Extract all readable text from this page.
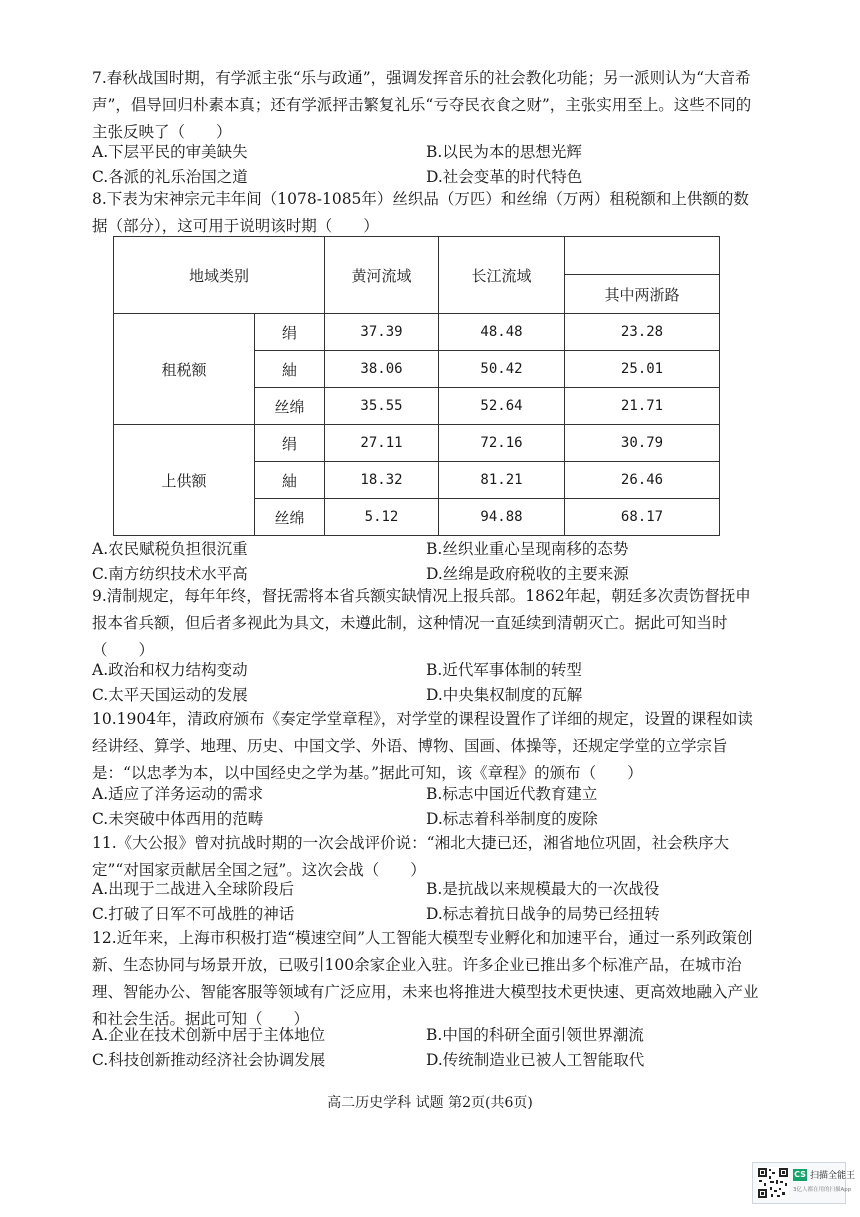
7.春秋战国时期，有学派主张“乐与政通”，强调发挥音乐的社会教化功能；另一派则认为“大音希声”，倡导回归朴素本真；还有学派抨击繁复礼乐“亏夺民衣食之财”，主张实用至上。这些不同的主张反映了（　　）
A.下层平民的审美缺失	B.以民为本的思想光辉
C.各派的礼乐治国之道	D.社会变革的时代特色
8.下表为宋神宗元丰年间（1078-1085年）丝织品（万匹）和丝绵（万两）租税额和上供额的数据（部分），这可用于说明该时期（　　）
地域类别		黄河流域	长江流域	
				其中两浙路
租税额	绢	37.39	48.48	23.28
	紬	38.06	50.42	25.01
	丝绵	35.55	52.64	21.71
上供额	绢	27.11	72.16	30.79
	紬	18.32	81.21	26.46
	丝绵	5.12	94.88	68.17
A.农民赋税负担很沉重	B.丝织业重心呈现南移的态势
C.南方纺织技术水平高	D.丝绵是政府税收的主要来源
9.清制规定，每年年终，督抚需将本省兵额实缺情况上报兵部。1862年起，朝廷多次责饬督抚申报本省兵额，但后者多视此为具文，未遵此制，这种情况一直延续到清朝灭亡。据此可知当时（　　）
A.政治和权力结构变动	B.近代军事体制的转型
C.太平天国运动的发展	D.中央集权制度的瓦解
10.1904年，清政府颁布《奏定学堂章程》，对学堂的课程设置作了详细的规定，设置的课程如读经讲经、算学、地理、历史、中国文学、外语、博物、国画、体操等，还规定学堂的立学宗旨是：“以忠孝为本，以中国经史之学为基。”据此可知，该《章程》的颁布（　　）
A.适应了洋务运动的需求	B.标志中国近代教育建立
C.未突破中体西用的范畴	D.标志着科举制度的废除
11.《大公报》曾对抗战时期的一次会战评价说：“湘北大捷已还，湘省地位巩固，社会秩序大定”“对国家贡献居全国之冠”。这次会战（　　）
A.出现于二战进入全球阶段后	B.是抗战以来规模最大的一次战役
C.打破了日军不可战胜的神话	D.标志着抗日战争的局势已经扭转
12.近年来，上海市积极打造“模速空间”人工智能大模型专业孵化和加速平台，通过一系列政策创新、生态协同与场景开放，已吸引100余家企业入驻。许多企业已推出多个标准产品，在城市治理、智能办公、智能客服等领域有广泛应用，未来也将推进大模型技术更快速、更高效地融入产业和社会生活。据此可知（　　）
A.企业在技术创新中居于主体地位	B.中国的科研全面引领世界潮流
C.科技创新推动经济社会协调发展	D.传统制造业已被人工智能取代
高二历史学科 试题 第2页(共6页)
CS 扫描全能王
3亿人都在用的扫描App
